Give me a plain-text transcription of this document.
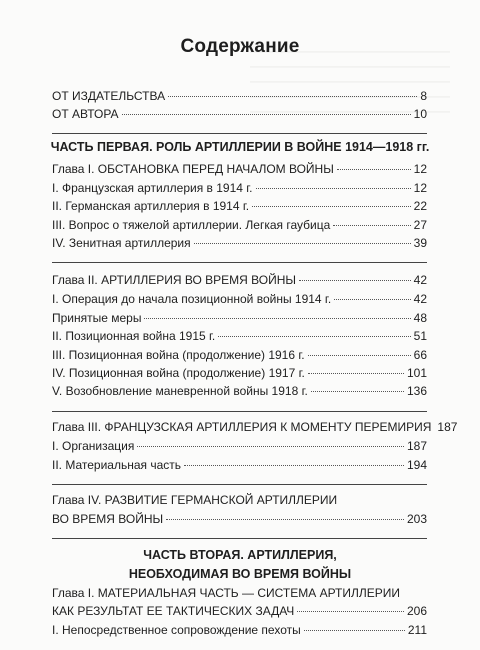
Содержание
ОТ ИЗДАТЕЛЬСТВА	8
ОТ АВТОРА	10
ЧАСТЬ ПЕРВАЯ. РОЛЬ АРТИЛЛЕРИИ В ВОЙНЕ 1914—1918 гг.
Глава I. ОБСТАНОВКА ПЕРЕД НАЧАЛОМ ВОЙНЫ	12
I. Французская артиллерия в 1914 г.	12
II. Германская артиллерия в 1914 г.	22
III. Вопрос о тяжелой артиллерии. Легкая гаубица	27
IV. Зенитная артиллерия	39
Глава II. АРТИЛЛЕРИЯ ВО ВРЕМЯ ВОЙНЫ	42
I. Операция до начала позиционной войны 1914 г.	42
Принятые меры	48
II. Позиционная война 1915 г.	51
III. Позиционная война (продолжение) 1916 г.	66
IV. Позиционная война (продолжение) 1917 г.	101
V. Возобновление маневренной войны 1918 г.	136
Глава III. ФРАНЦУЗСКАЯ АРТИЛЛЕРИЯ К МОМЕНТУ ПЕРЕМИРИЯ 187
I. Организация	187
II. Материальная часть	194
Глава IV. РАЗВИТИЕ ГЕРМАНСКОЙ АРТИЛЛЕРИИ
ВО ВРЕМЯ ВОЙНЫ	203
ЧАСТЬ ВТОРАЯ. АРТИЛЛЕРИЯ,
НЕОБХОДИМАЯ ВО ВРЕМЯ ВОЙНЫ
Глава I. МАТЕРИАЛЬНАЯ ЧАСТЬ — СИСТЕМА АРТИЛЛЕРИИ
КАК РЕЗУЛЬТАТ ЕЕ ТАКТИЧЕСКИХ ЗАДАЧ	206
I. Непосредственное сопровождение пехоты	211
